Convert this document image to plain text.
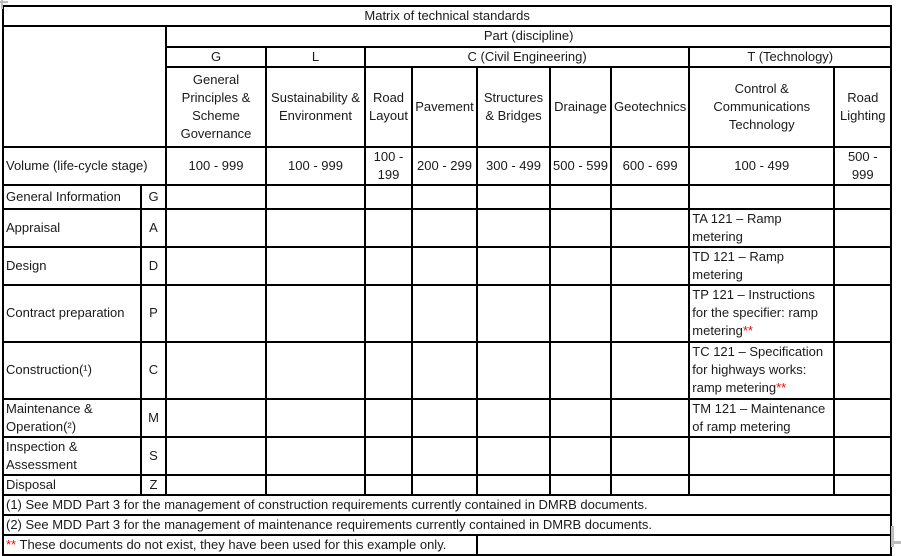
Matrix of technical standards										
		Part (discipline)								
		G	L	C (Civil Engineering)					T (Technology)	
		General Principles & Scheme Governance	Sustainability & Environment	Road Layout	Pavement	Structures & Bridges	Drainage	Geotechnics	Control & Communications Technology	Road Lighting
Volume (life-cycle stage)		100 - 999	100 - 999	100 - 199	200 - 299	300 - 499	500 - 599	600 - 699	100 - 499	500 - 999
General Information	G									
Appraisal	A								TA 121 – Ramp metering	
Design	D								TD 121 – Ramp metering	
Contract preparation	P								TP 121 – Instructions for the specifier: ramp metering**	
Construction(¹)	C								TC 121 – Specification for highways works: ramp metering**	
Maintenance & Operation(²)	M								TM 121 – Maintenance of ramp metering	
Inspection & Assessment	S									
Disposal	Z									
(1) See MDD Part 3 for the management of construction requirements currently contained in DMRB documents.										
(2) See MDD Part 3 for the management of maintenance requirements currently contained in DMRB documents.										
** These documents do not exist, they have been used for this example only.										
